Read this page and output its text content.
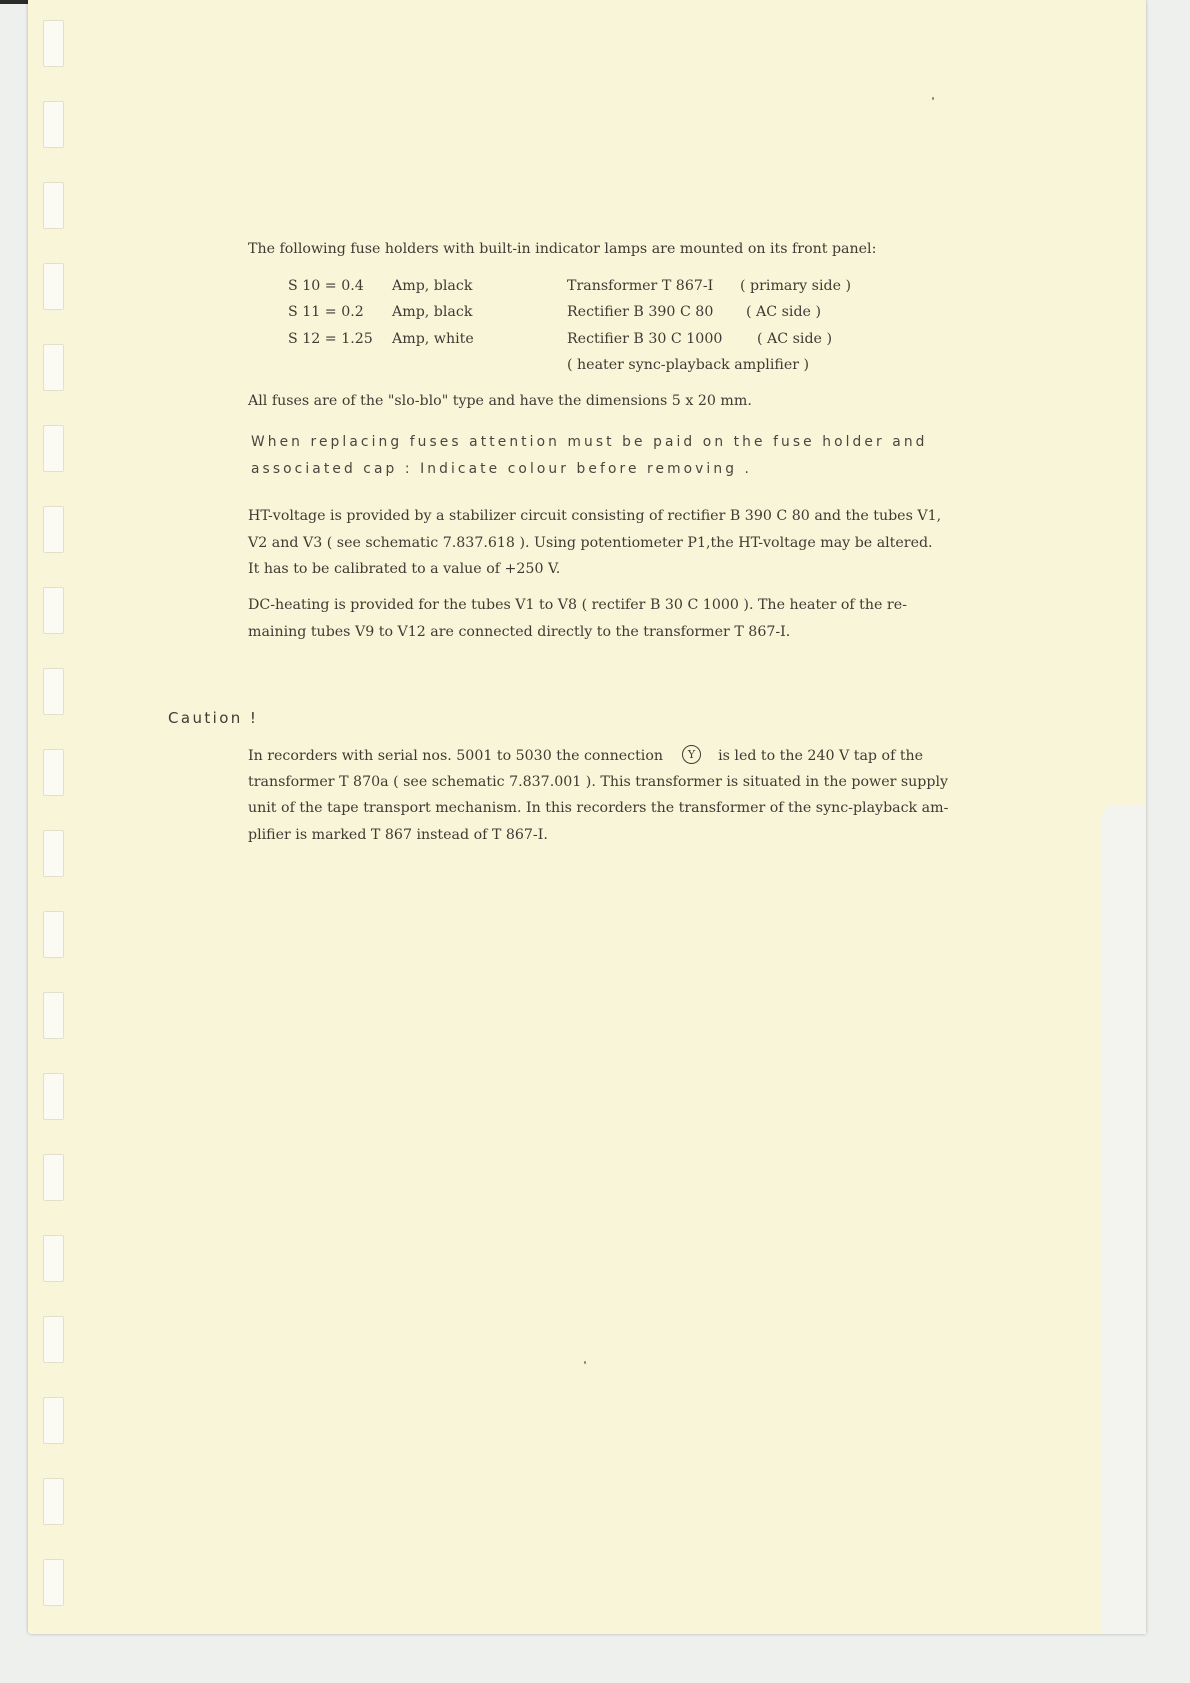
The following fuse holders with built-in indicator lamps are mounted on its front panel:
S 10 = 0.4 Amp, black	Transformer T 867-I ( primary side )
S 11 = 0.2 Amp, black	Rectifier B 390 C 80 ( AC side )
S 12 = 1.25 Amp, white	Rectifier B 30 C 1000 ( AC side )
( heater sync-playback amplifier )
All fuses are of the "slo-blo" type and have the dimensions 5 x 20 mm.
When replacing fuses attention must be paid on the fuse holder and
associated cap : Indicate colour before removing .
HT-voltage is provided by a stabilizer circuit consisting of rectifier B 390 C 80 and the tubes V1,
V2 and V3 ( see schematic 7.837.618 ). Using potentiometer P1,the HT-voltage may be altered.
It has to be calibrated to a value of +250 V.
DC-heating is provided for the tubes V1 to V8 ( rectifer B 30 C 1000 ). The heater of the re-
maining tubes V9 to V12 are connected directly to the transformer T 867-I.
Caution !
In recorders with serial nos. 5001 to 5030 the connection Y is led to the 240 V tap of the
transformer T 870a ( see schematic 7.837.001 ). This transformer is situated in the power supply
unit of the tape transport mechanism. In this recorders the transformer of the sync-playback am-
plifier is marked T 867 instead of T 867-I.
